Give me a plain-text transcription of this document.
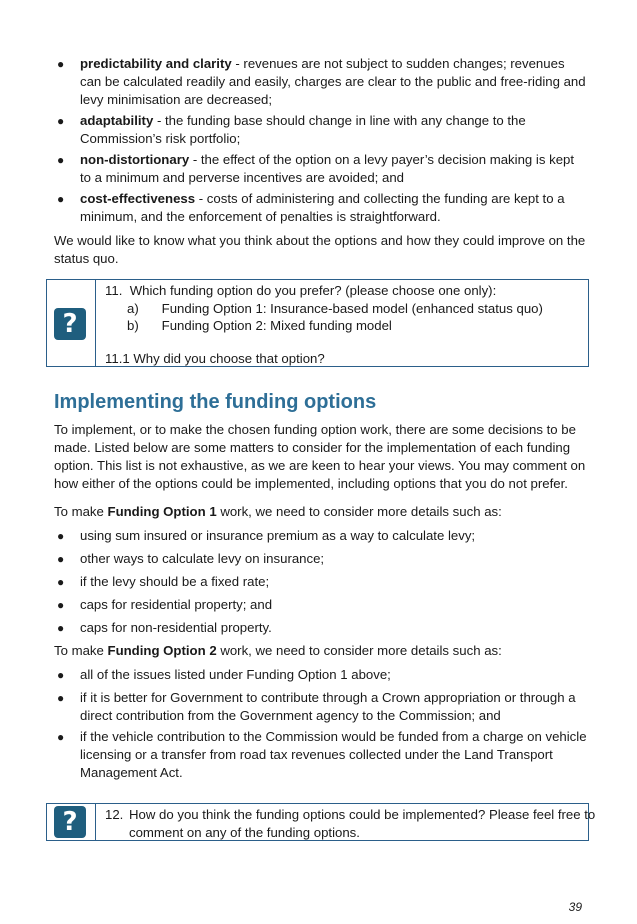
● predictability and clarity - revenues are not subject to sudden changes; revenues can be calculated readily and easily, charges are clear to the public and free-riding and levy minimisation are decreased;
● adaptability - the funding base should change in line with any change to the Commission’s risk portfolio;
● non-distortionary - the effect of the option on a levy payer’s decision making is kept to a minimum and perverse incentives are avoided; and
● cost-effectiveness - costs of administering and collecting the funding are kept to a minimum, and the enforcement of penalties is straightforward.

We would like to know what you think about the options and how they could improve on the status quo.

?
11. Which funding option do you prefer? (please choose one only):
a) Funding Option 1: Insurance-based model (enhanced status quo)
b) Funding Option 2: Mixed funding model
11.1 Why did you choose that option?
Implementing the funding options

To implement, or to make the chosen funding option work, there are some decisions to be made. Listed below are some matters to consider for the implementation of each funding option. This list is not exhaustive, as we are keen to hear your views. You may comment on how either of the options could be implemented, including options that you do not prefer.

To make Funding Option 1 work, we need to consider more details such as:
● using sum insured or insurance premium as a way to calculate levy;
● other ways to calculate levy on insurance;
● if the levy should be a fixed rate;
● caps for residential property; and
● caps for non-residential property.
To make Funding Option 2 work, we need to consider more details such as:
● all of the issues listed under Funding Option 1 above;
● if it is better for Government to contribute through a Crown appropriation or through a direct contribution from the Government agency to the Commission; and
● if the vehicle contribution to the Commission would be funded from a charge on vehicle licensing or a transfer from road tax revenues collected under the Land Transport Management Act.
?	12. How do you think the funding options could be implemented? Please feel free to comment on any of the funding options.
39
